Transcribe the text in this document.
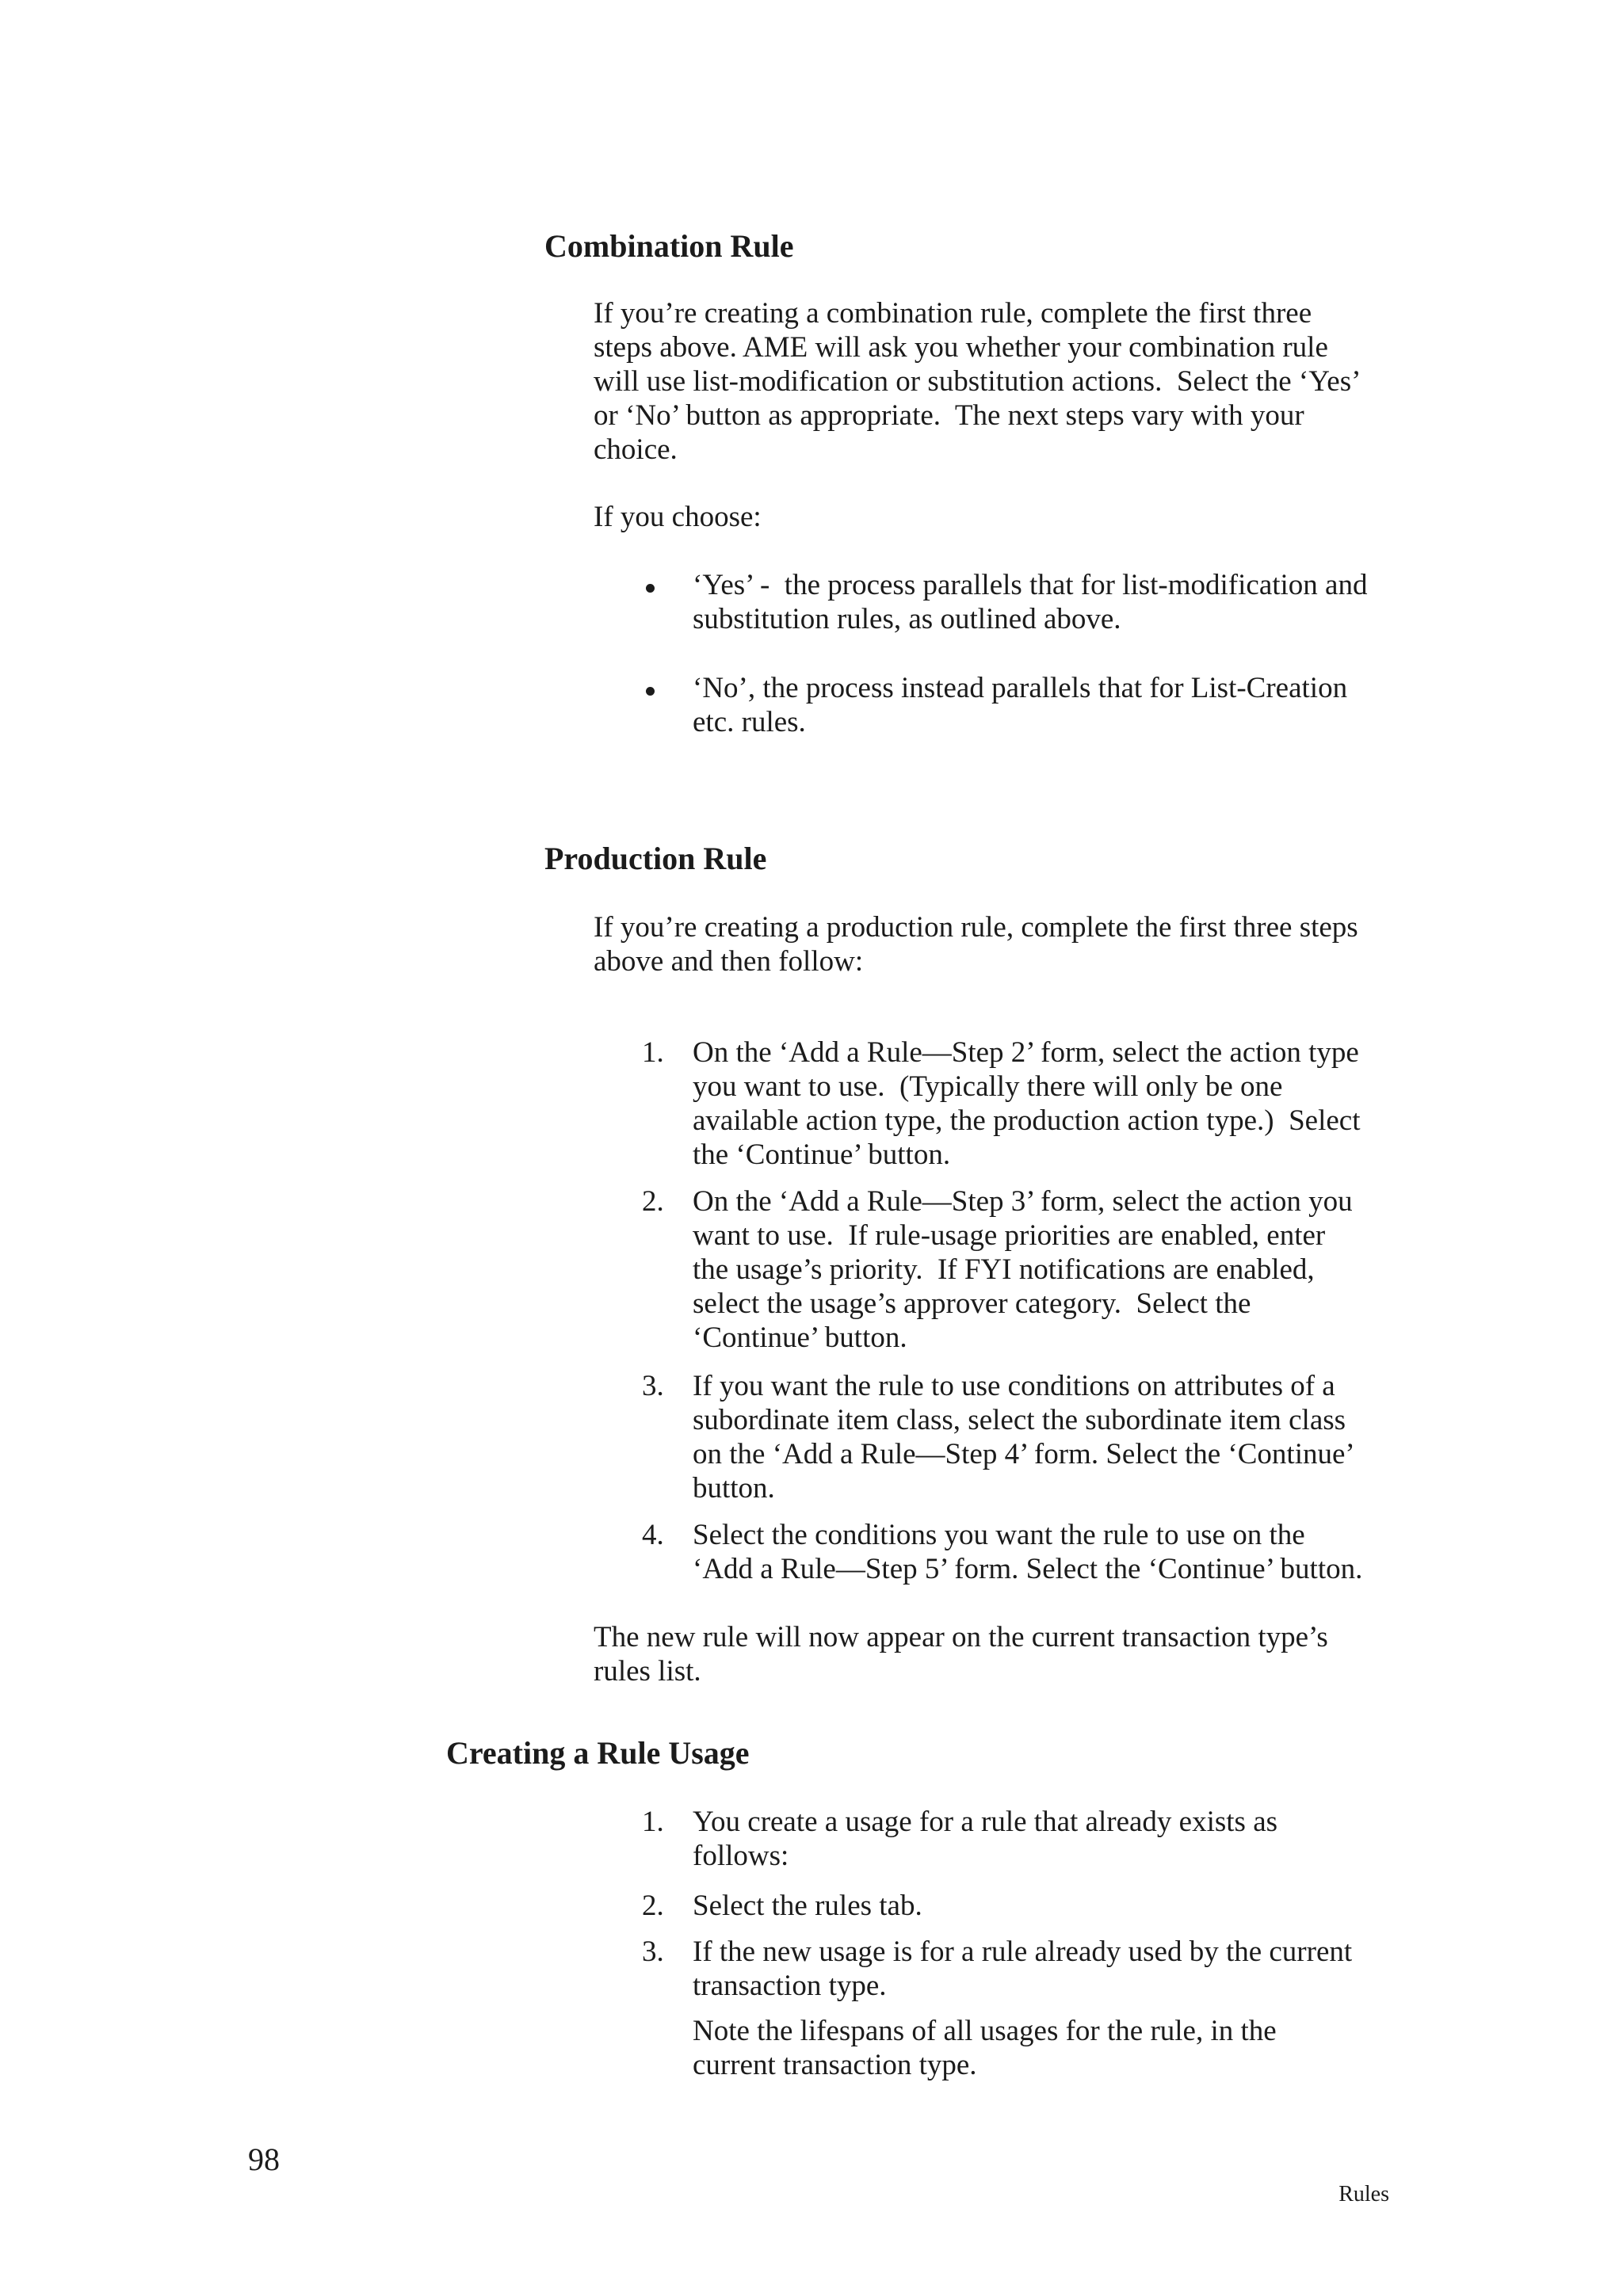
Combination Rule

If you’re creating a combination rule, complete the first three
steps above. AME will ask you whether your combination rule
will use list-modification or substitution actions.  Select the ‘Yes’
or ‘No’ button as appropriate.  The next steps vary with your
choice.

If you choose:

‘Yes’ -  the process parallels that for list-modification and
substitution rules, as outlined above.

‘No’, the process instead parallels that for List-Creation
etc. rules.

Production Rule

If you’re creating a production rule, complete the first three steps
above and then follow:

1. On the ‘Add a Rule—Step 2’ form, select the action type
you want to use.  (Typically there will only be one
available action type, the production action type.)  Select
the ‘Continue’ button.

2. On the ‘Add a Rule—Step 3’ form, select the action you
want to use.  If rule-usage priorities are enabled, enter
the usage’s priority.  If FYI notifications are enabled,
select the usage’s approver category.  Select the
‘Continue’ button.

3. If you want the rule to use conditions on attributes of a
subordinate item class, select the subordinate item class
on the ‘Add a Rule—Step 4’ form. Select the ‘Continue’
button.

4. Select the conditions you want the rule to use on the
‘Add a Rule—Step 5’ form. Select the ‘Continue’ button.

The new rule will now appear on the current transaction type’s
rules list.

Creating a Rule Usage
1. You create a usage for a rule that already exists as
follows:

2. Select the rules tab.

3. If the new usage is for a rule already used by the current
transaction type.

Note the lifespans of all usages for the rule, in the
current transaction type.

98
Rules
